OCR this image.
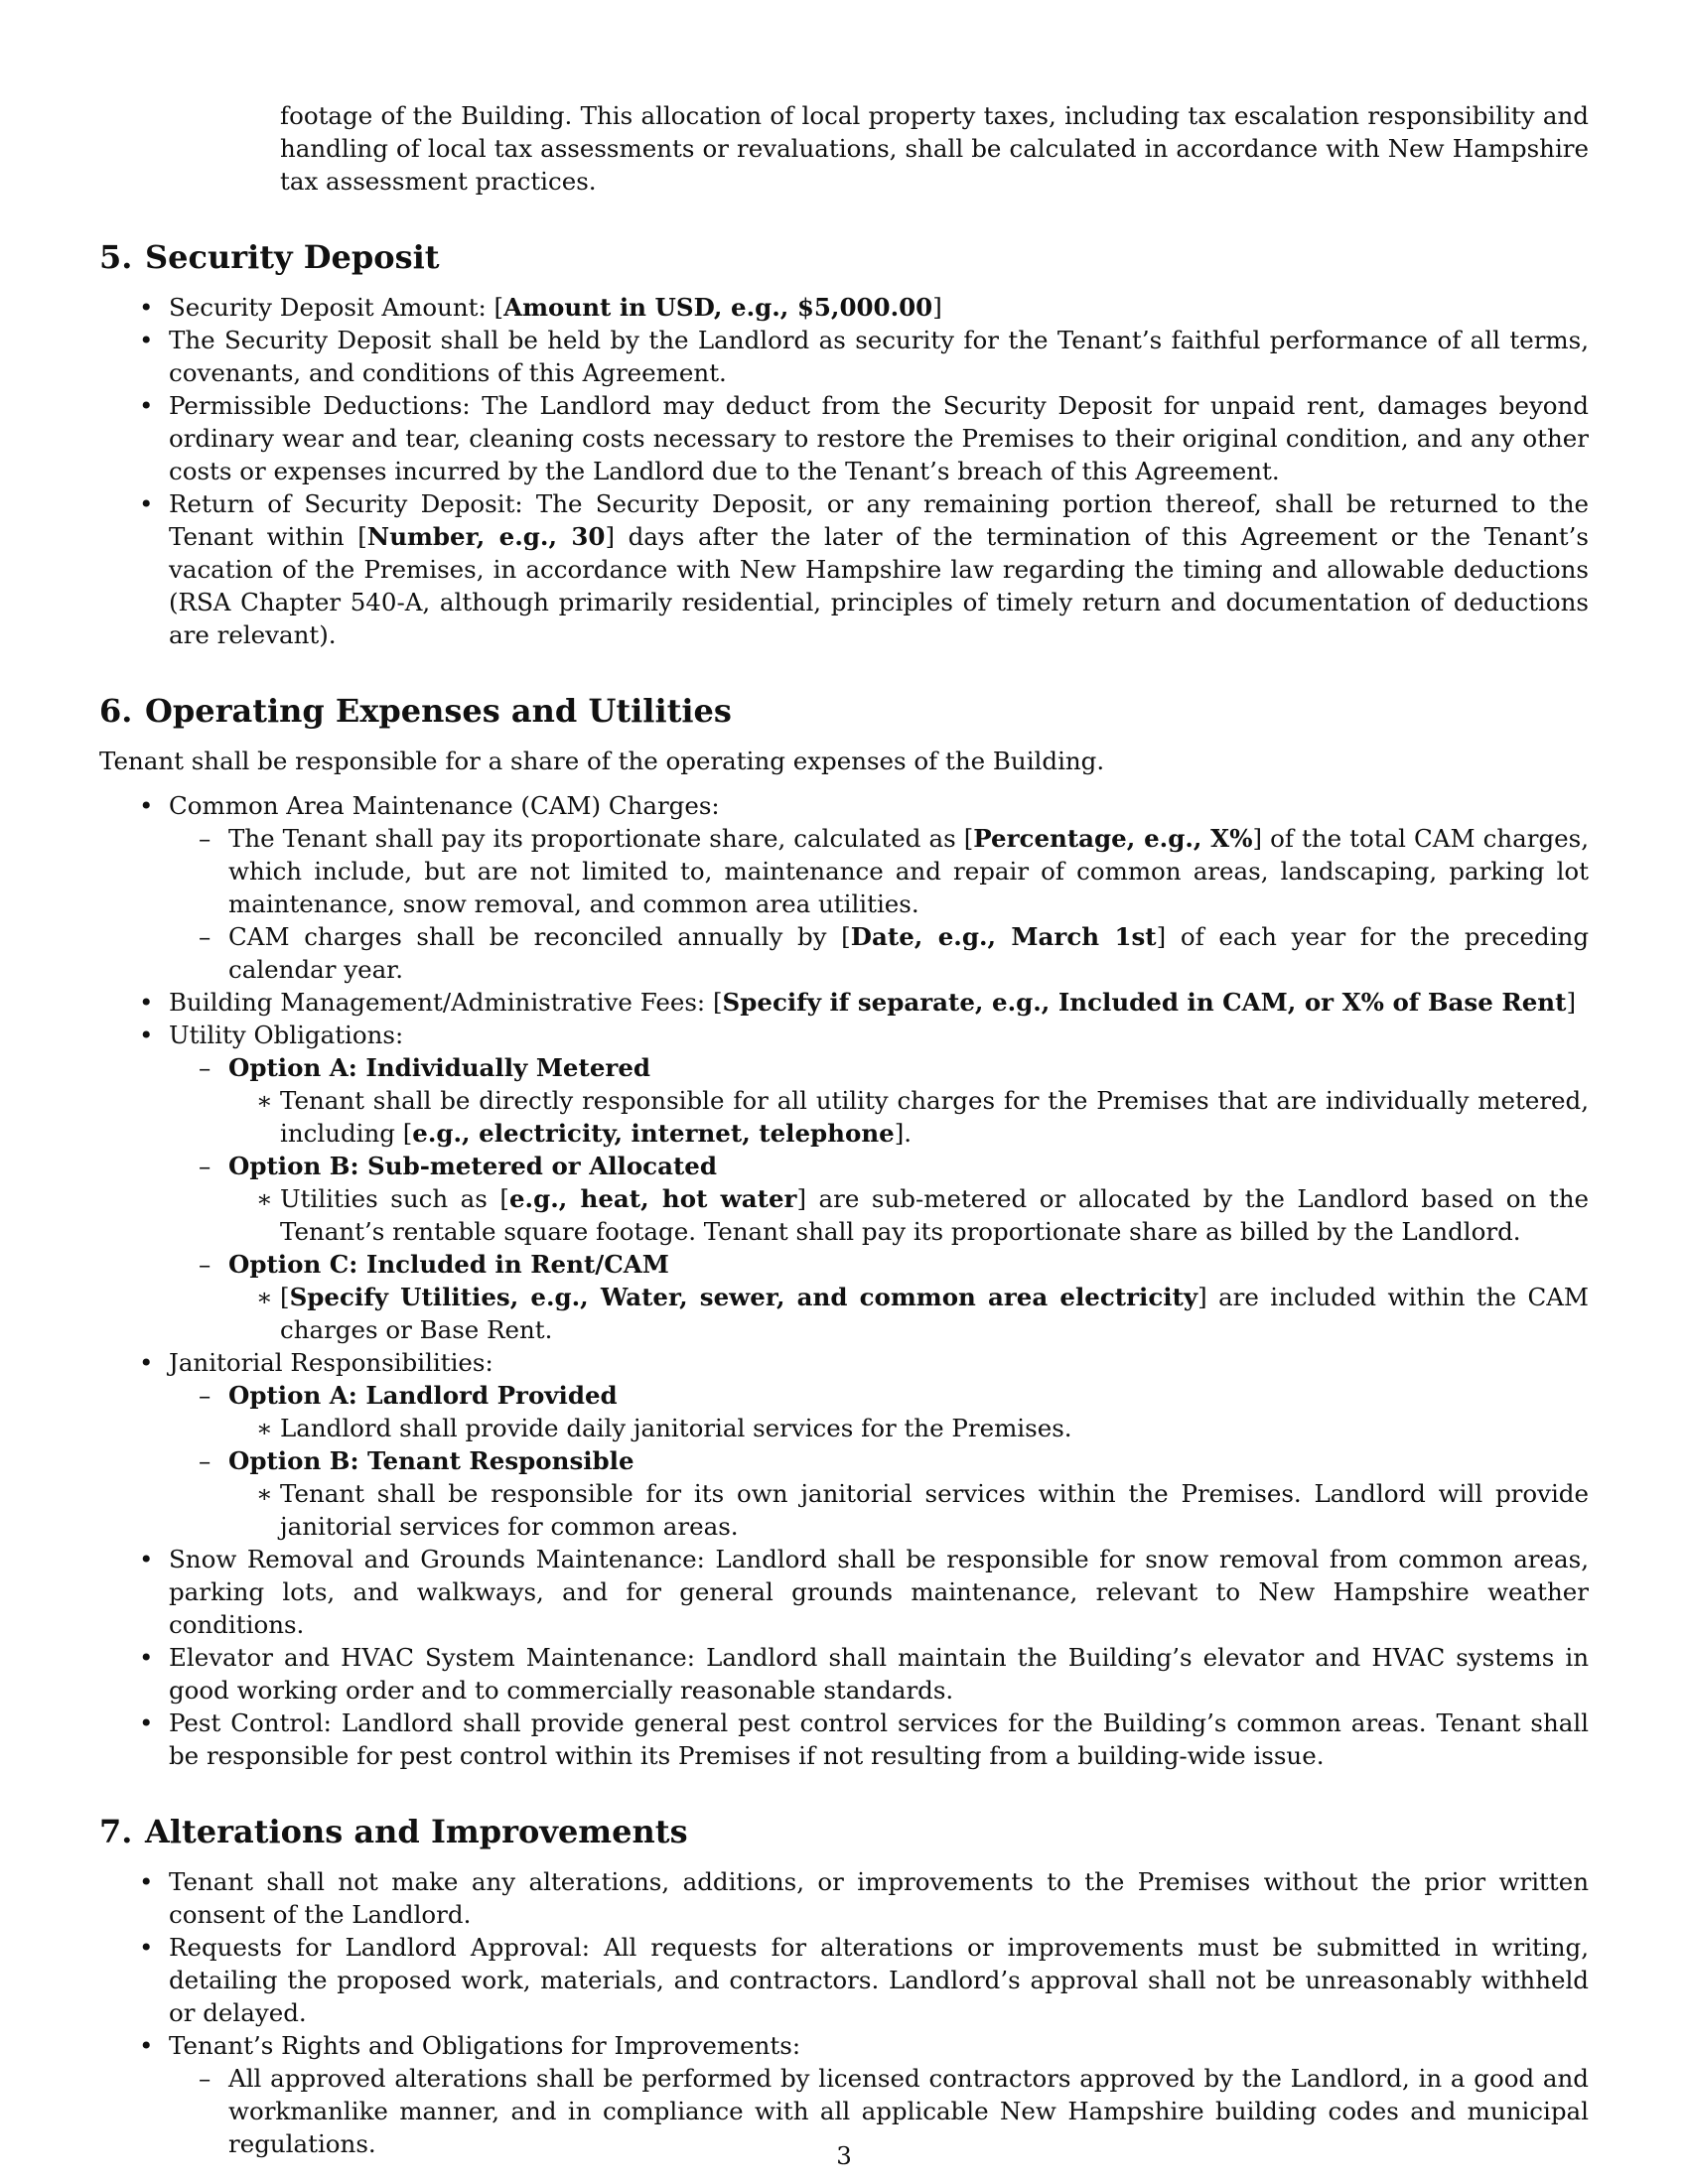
footage of the Building. This allocation of local property taxes, including tax escalation responsibility and handling of local tax assessments or revaluations, shall be calculated in accordance with New Hampshire tax assessment practices.
5. Security Deposit
• Security Deposit Amount: [Amount in USD, e.g., $5,000.00]
• The Security Deposit shall be held by the Landlord as security for the Tenant’s faithful performance of all terms, covenants, and conditions of this Agreement.
• Permissible Deductions: The Landlord may deduct from the Security Deposit for unpaid rent, damages beyond ordinary wear and tear, cleaning costs necessary to restore the Premises to their original condition, and any other costs or expenses incurred by the Landlord due to the Tenant’s breach of this Agreement.
• Return of Security Deposit: The Security Deposit, or any remaining portion thereof, shall be returned to the Tenant within [Number, e.g., 30] days after the later of the termination of this Agreement or the Tenant’s vacation of the Premises, in accordance with New Hampshire law regarding the timing and allowable deductions (RSA Chapter 540-A, although primarily residential, principles of timely return and documentation of deductions are relevant).
6. Operating Expenses and Utilities

Tenant shall be responsible for a share of the operating expenses of the Building.

• Common Area Maintenance (CAM) Charges:
– The Tenant shall pay its proportionate share, calculated as [Percentage, e.g., X%] of the total CAM charges, which include, but are not limited to, maintenance and repair of common areas, landscaping, parking lot maintenance, snow removal, and common area utilities.
– CAM charges shall be reconciled annually by [Date, e.g., March 1st] of each year for the preceding calendar year.
• Building Management/Administrative Fees: [Specify if separate, e.g., Included in CAM, or X% of Base Rent]
• Utility Obligations:
– Option A: Individually Metered
∗ Tenant shall be directly responsible for all utility charges for the Premises that are individually metered, including [e.g., electricity, internet, telephone].
– Option B: Sub-metered or Allocated
∗ Utilities such as [e.g., heat, hot water] are sub-metered or allocated by the Landlord based on the Tenant’s rentable square footage. Tenant shall pay its proportionate share as billed by the Landlord.
– Option C: Included in Rent/CAM
∗ [Specify Utilities, e.g., Water, sewer, and common area electricity] are included within the CAM charges or Base Rent.
• Janitorial Responsibilities:
– Option A: Landlord Provided
∗ Landlord shall provide daily janitorial services for the Premises.
– Option B: Tenant Responsible
∗ Tenant shall be responsible for its own janitorial services within the Premises. Landlord will provide janitorial services for common areas.
• Snow Removal and Grounds Maintenance: Landlord shall be responsible for snow removal from common areas, parking lots, and walkways, and for general grounds maintenance, relevant to New Hampshire weather conditions.
• Elevator and HVAC System Maintenance: Landlord shall maintain the Building’s elevator and HVAC systems in good working order and to commercially reasonable standards.
• Pest Control: Landlord shall provide general pest control services for the Building’s common areas. Tenant shall be responsible for pest control within its Premises if not resulting from a building-wide issue.
7. Alterations and Improvements
• Tenant shall not make any alterations, additions, or improvements to the Premises without the prior written consent of the Landlord.
• Requests for Landlord Approval: All requests for alterations or improvements must be submitted in writing, detailing the proposed work, materials, and contractors. Landlord’s approval shall not be unreasonably withheld or delayed.
• Tenant’s Rights and Obligations for Improvements:
– All approved alterations shall be performed by licensed contractors approved by the Landlord, in a good and workmanlike manner, and in compliance with all applicable New Hampshire building codes and municipal regulations.	3
